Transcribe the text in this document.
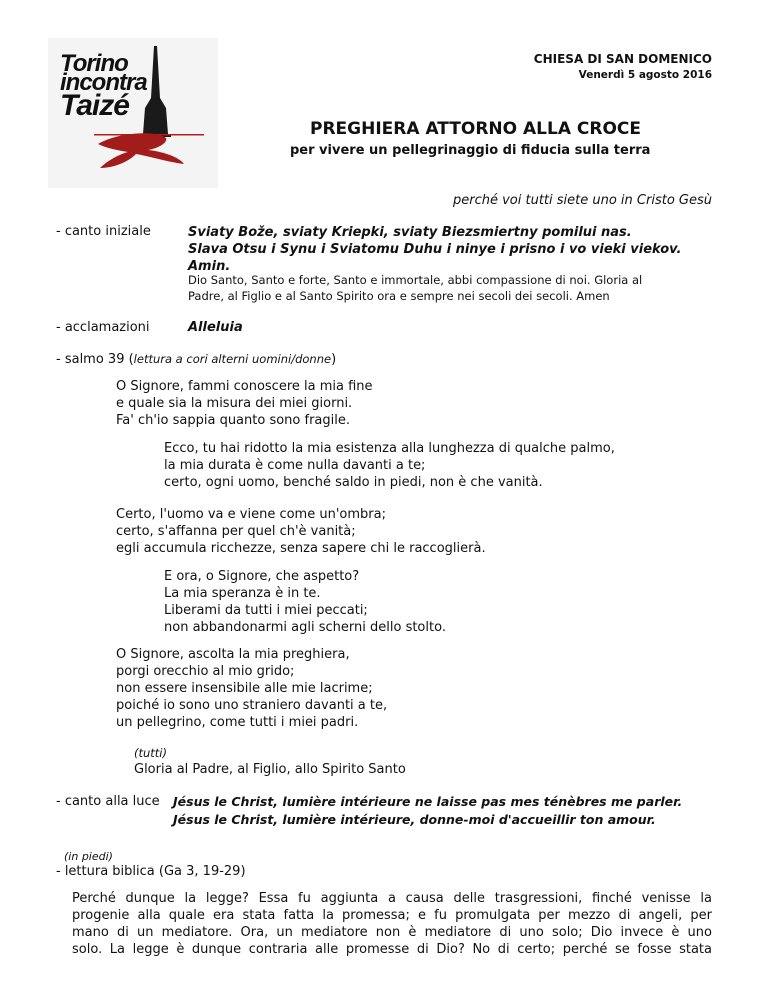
Torino
incontra
Taizé
CHIESA DI SAN DOMENICO
Venerdì 5 agosto 2016
PREGHIERA ATTORNO ALLA CROCE
per vivere un pellegrinaggio di fiducia sulla terra
perché voi tutti siete uno in Cristo Gesù
- canto iniziale	Sviaty Bože, sviaty Kriepki, sviaty Biezsmiertny pomilui nas.
Slava Otsu i Synu i Sviatomu Duhu i ninye i prisno i vo vieki viekov.
Amin.
Dio Santo, Santo e forte, Santo e immortale, abbi compassione di noi. Gloria al
Padre, al Figlio e al Santo Spirito ora e sempre nei secoli dei secoli. Amen
- acclamazioni	Alleluia
- salmo 39 (lettura a cori alterni uomini/donne)
O Signore, fammi conoscere la mia fine
e quale sia la misura dei miei giorni.
Fa' ch'io sappia quanto sono fragile.
Ecco, tu hai ridotto la mia esistenza alla lunghezza di qualche palmo,
la mia durata è come nulla davanti a te;
certo, ogni uomo, benché saldo in piedi, non è che vanità.
Certo, l'uomo va e viene come un'ombra;
certo, s'affanna per quel ch'è vanità;
egli accumula ricchezze, senza sapere chi le raccoglierà.
E ora, o Signore, che aspetto?
La mia speranza è in te.
Liberami da tutti i miei peccati;
non abbandonarmi agli scherni dello stolto.
O Signore, ascolta la mia preghiera,
porgi orecchio al mio grido;
non essere insensibile alle mie lacrime;
poiché io sono uno straniero davanti a te,
un pellegrino, come tutti i miei padri.
(tutti)
Gloria al Padre, al Figlio, allo Spirito Santo
- canto alla luce Jésus le Christ, lumière intérieure ne laisse pas mes ténèbres me parler.
Jésus le Christ, lumière intérieure, donne-moi d'accueillir ton amour.
(in piedi)
- lettura biblica (Ga 3, 19-29)
Perché dunque la legge? Essa fu aggiunta a causa delle trasgressioni, finché venisse la
progenie alla quale era stata fatta la promessa; e fu promulgata per mezzo di angeli, per
mano di un mediatore. Ora, un mediatore non è mediatore di uno solo; Dio invece è uno
solo. La legge è dunque contraria alle promesse di Dio? No di certo; perché se fosse stata
